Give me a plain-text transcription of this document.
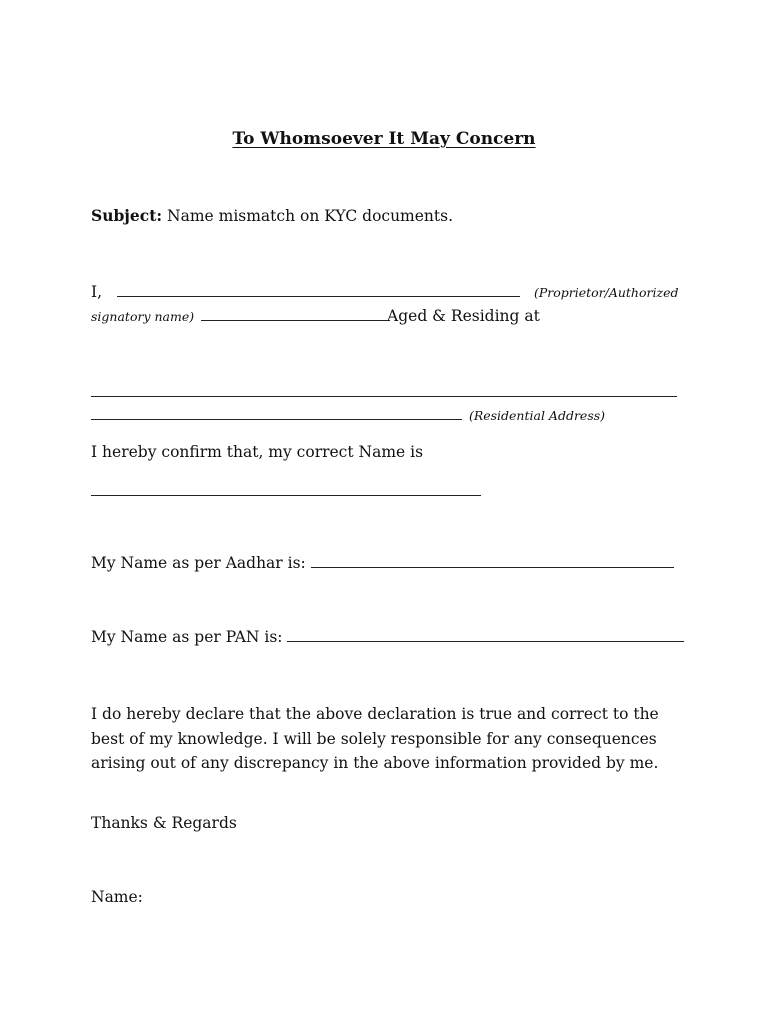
To Whomsoever It May Concern
Subject: Name mismatch on KYC documents.
I,	(Proprietor/Authorized
signatory name)	Aged & Residing at
(Residential Address)
I hereby confirm that, my correct Name is
My Name as per Aadhar is:
My Name as per PAN is:
I do hereby declare that the above declaration is true and correct to the best of my knowledge. I will be solely responsible for any consequences arising out of any discrepancy in the above information provided by me.
Thanks & Regards
Name:
